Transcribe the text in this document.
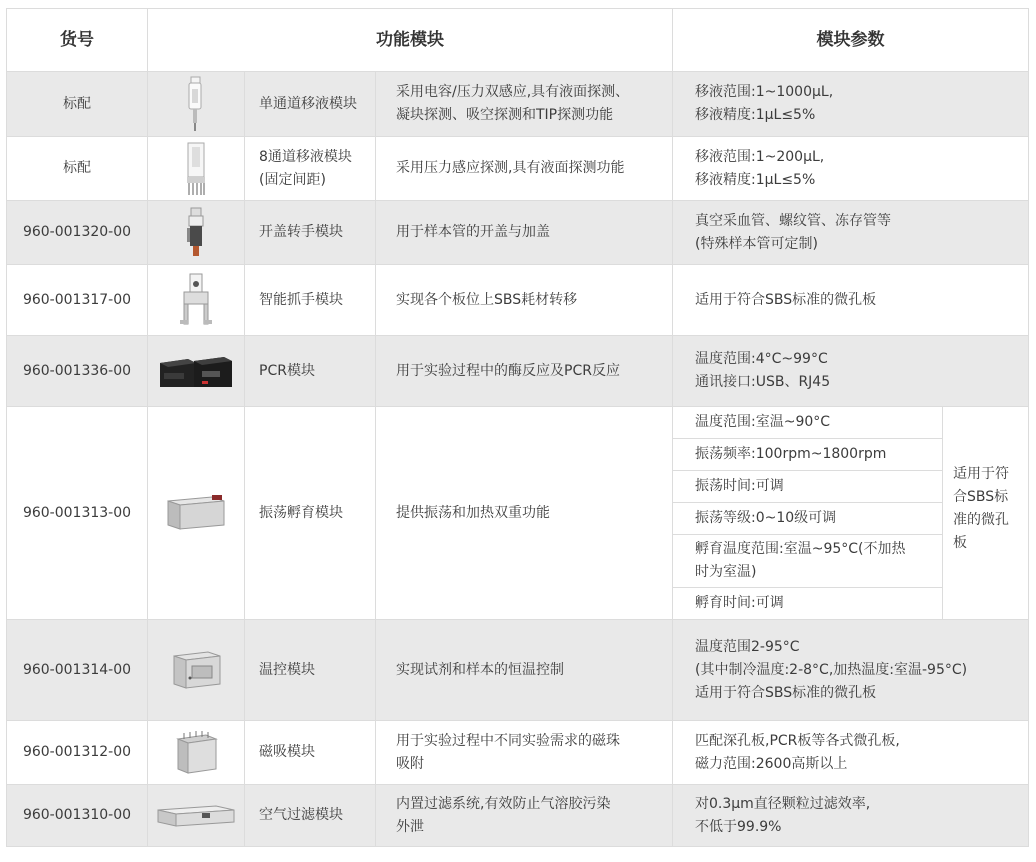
货号	功能模块			模块参数	
标配		单通道移液模块	采用电容/压力双感应,具有液面探测、
凝块探测、吸空探测和TIP探测功能	移液范围:1~1000μL,
移液精度:1μL≤5%	

标配		8通道移液模块
(固定间距)	采用压力感应探测,具有液面探测功能	移液范围:1~200μL,
移液精度:1μL≤5%	

960-001320-00		开盖转手模块	用于样本管的开盖与加盖	真空采血管、螺纹管、冻存管等
(特殊样本管可定制)	

960-001317-00		智能抓手模块	实现各个板位上SBS耗材转移	适用于符合SBS标准的微孔板	

960-001336-00		PCR模块	用于实验过程中的酶反应及PCR反应	温度范围:4°C~99°C
通讯接口:USB、RJ45	

960-001313-00		振荡孵育模块	提供振荡和加热双重功能	温度范围:室温~90°C	适用于符
合SBS标
准的微孔
板

				振荡频率:100rpm~1800rpm	

				振荡时间:可调	

				振荡等级:0~10级可调	

				孵育温度范围:室温~95°C(不加热
时为室温)	

				孵育时间:可调	

960-001314-00		温控模块	实现试剂和样本的恒温控制	温度范围2-95°C
(其中制冷温度:2-8°C,加热温度:室温-95°C)
适用于符合SBS标准的微孔板	

960-001312-00		磁吸模块	用于实验过程中不同实验需求的磁珠
吸附	匹配深孔板,PCR板等各式微孔板,
磁力范围:2600高斯以上	

960-001310-00		空气过滤模块	内置过滤系统,有效防止气溶胶污染
外泄	对0.3μm直径颗粒过滤效率,
不低于99.9%	
